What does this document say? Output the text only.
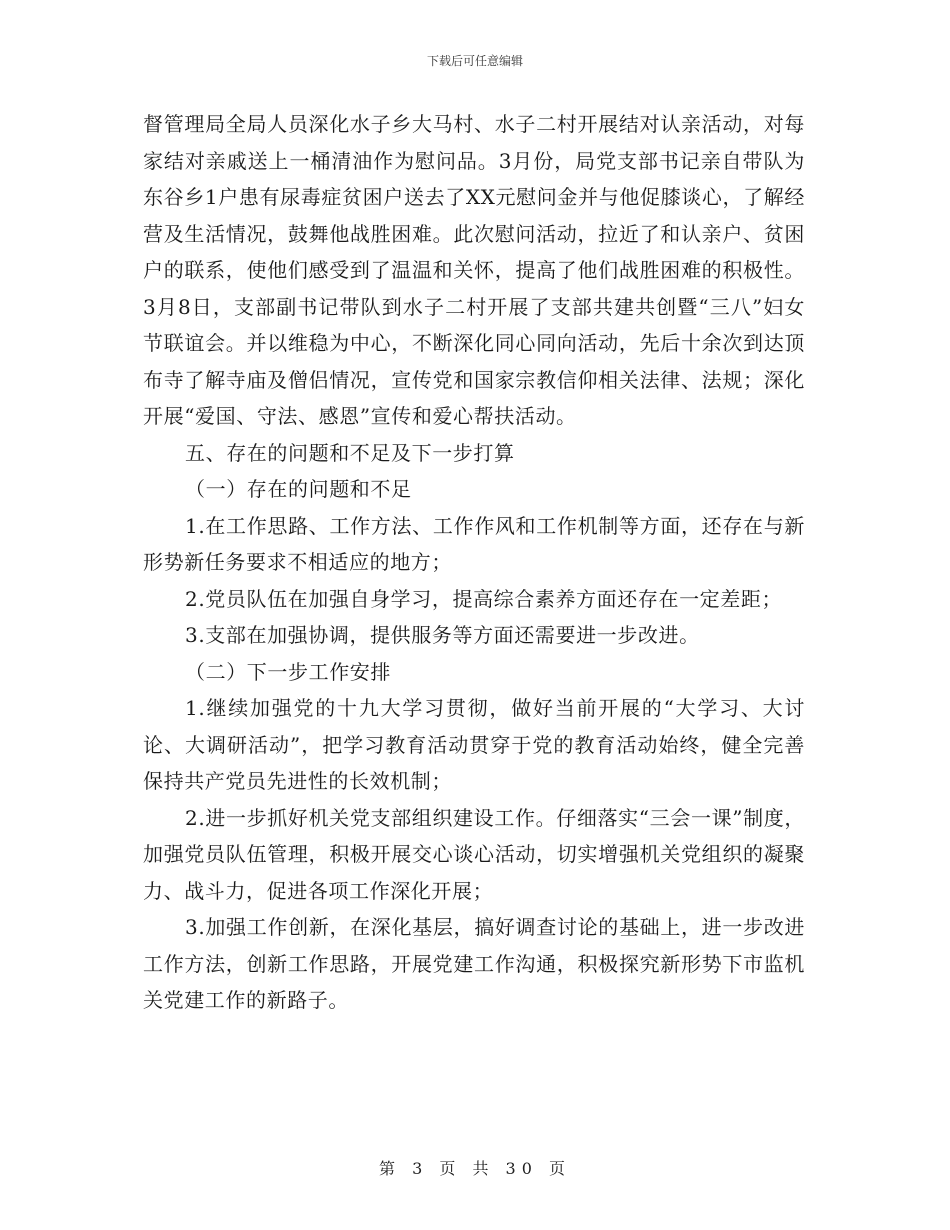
下载后可任意编辑

督管理局全局人员深化水子乡大马村、水子二村开展结对认亲活动，对每家结对亲戚送上一桶清油作为慰问品。3月份，局党支部书记亲自带队为东谷乡1户患有尿毒症贫困户送去了XX元慰问金并与他促膝谈心，了解经营及生活情况，鼓舞他战胜困难。此次慰问活动，拉近了和认亲户、贫困户的联系，使他们感受到了温温和关怀，提高了他们战胜困难的积极性。3月8日，支部副书记带队到水子二村开展了支部共建共创暨“三八”妇女节联谊会。并以维稳为中心，不断深化同心同向活动，先后十余次到达顶布寺了解寺庙及僧侣情况，宣传党和国家宗教信仰相关法律、法规；深化开展“爱国、守法、感恩”宣传和爱心帮扶活动。

五、存在的问题和不足及下一步打算

（一）存在的问题和不足

1.在工作思路、工作方法、工作作风和工作机制等方面，还存在与新形势新任务要求不相适应的地方；

2.党员队伍在加强自身学习，提高综合素养方面还存在一定差距；

3.支部在加强协调，提供服务等方面还需要进一步改进。

（二）下一步工作安排

1.继续加强党的十九大学习贯彻，做好当前开展的“大学习、大讨论、大调研活动”，把学习教育活动贯穿于党的教育活动始终，健全完善保持共产党员先进性的长效机制；

2.进一步抓好机关党支部组织建设工作。仔细落实“三会一课”制度，加强党员队伍管理，积极开展交心谈心活动，切实增强机关党组织的凝聚力、战斗力，促进各项工作深化开展；

3.加强工作创新，在深化基层，搞好调查讨论的基础上，进一步改进工作方法，创新工作思路，开展党建工作沟通，积极探究新形势下市监机关党建工作的新路子。

第 3 页 共 30 页
